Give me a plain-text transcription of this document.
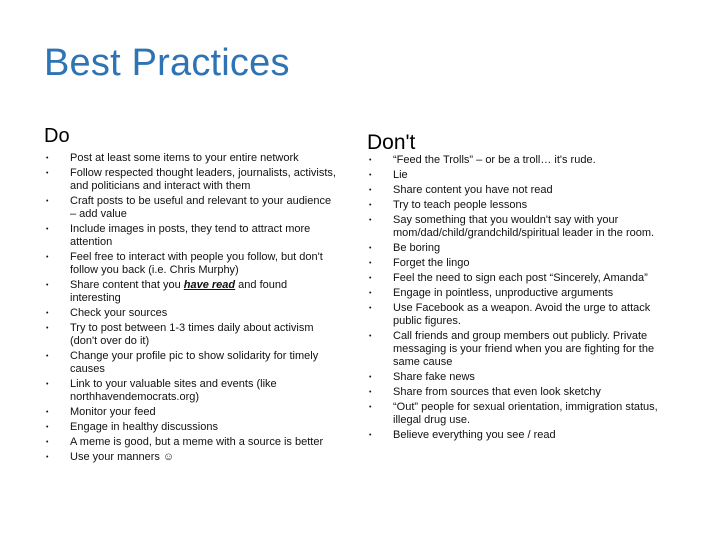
Best Practices
Do
• Post at least some items to your entire network
• Follow respected thought leaders, journalists, activists, and politicians and interact with them
• Craft posts to be useful and relevant to your audience – add value
• Include images in posts, they tend to attract more attention
• Feel free to interact with people you follow, but don't follow you back (i.e. Chris Murphy)
• Share content that you have read and found interesting
• Check your sources
• Try to post between 1-3 times daily about activism (don't over do it)
• Change your profile pic to show solidarity for timely causes
• Link to your valuable sites and events (like northhavendemocrats.org)
• Monitor your feed
• Engage in healthy discussions
• A meme is good, but a meme with a source is better
• Use your manners ☺
Don't
• “Feed the Trolls” – or be a troll… it's rude.
• Lie
• Share content you have not read
• Try to teach people lessons
• Say something that you wouldn't say with your mom/dad/child/grandchild/spiritual leader in the room.
• Be boring
• Forget the lingo
• Feel the need to sign each post “Sincerely, Amanda”
• Engage in pointless, unproductive arguments
• Use Facebook as a weapon. Avoid the urge to attack public figures.
• Call friends and group members out publicly. Private messaging is your friend when you are fighting for the same cause
• Share fake news
• Share from sources that even look sketchy
• “Out” people for sexual orientation, immigration status, illegal drug use.
• Believe everything you see / read
